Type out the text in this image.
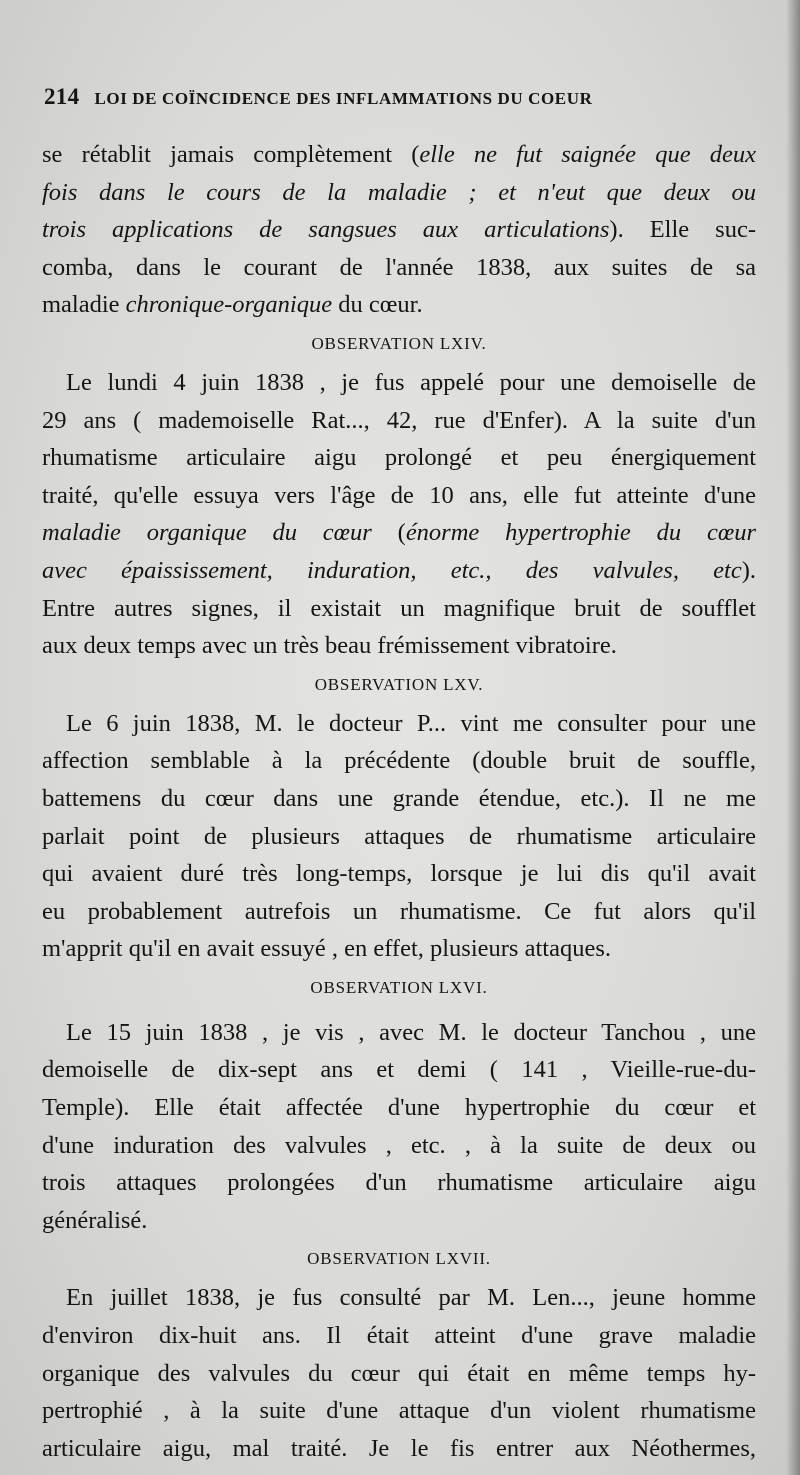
214 LOI DE COÏNCIDENCE DES INFLAMMATIONS DU COEUR
se rétablit jamais complètement (elle ne fut saignée que deux
fois dans le cours de la maladie ; et n'eut que deux ou
trois applications de sangsues aux articulations). Elle suc-
comba, dans le courant de l'année 1838, aux suites de sa
maladie chronique-organique du cœur.
OBSERVATION LXIV.
Le lundi 4 juin 1838 , je fus appelé pour une demoiselle de
29 ans ( mademoiselle Rat..., 42, rue d'Enfer). A la suite d'un
rhumatisme articulaire aigu prolongé et peu énergiquement
traité, qu'elle essuya vers l'âge de 10 ans, elle fut atteinte d'une
maladie organique du cœur (énorme hypertrophie du cœur
avec épaississement, induration, etc., des valvules, etc).
Entre autres signes, il existait un magnifique bruit de soufflet
aux deux temps avec un très beau frémissement vibratoire.
OBSERVATION LXV.
Le 6 juin 1838, M. le docteur P... vint me consulter pour une
affection semblable à la précédente (double bruit de souffle,
battemens du cœur dans une grande étendue, etc.). Il ne me
parlait point de plusieurs attaques de rhumatisme articulaire
qui avaient duré très long-temps, lorsque je lui dis qu'il avait
eu probablement autrefois un rhumatisme. Ce fut alors qu'il
m'apprit qu'il en avait essuyé , en effet, plusieurs attaques.
OBSERVATION LXVI.
Le 15 juin 1838 , je vis , avec M. le docteur Tanchou , une
demoiselle de dix-sept ans et demi ( 141 , Vieille-rue-du-
Temple). Elle était affectée d'une hypertrophie du cœur et
d'une induration des valvules , etc. , à la suite de deux ou
trois attaques prolongées d'un rhumatisme articulaire aigu
généralisé.
OBSERVATION LXVII.
En juillet 1838, je fus consulté par M. Len..., jeune homme
d'environ dix-huit ans. Il était atteint d'une grave maladie
organique des valvules du cœur qui était en même temps hy-
pertrophié , à la suite d'une attaque d'un violent rhumatisme
articulaire aigu, mal traité. Je le fis entrer aux Néothermes,
